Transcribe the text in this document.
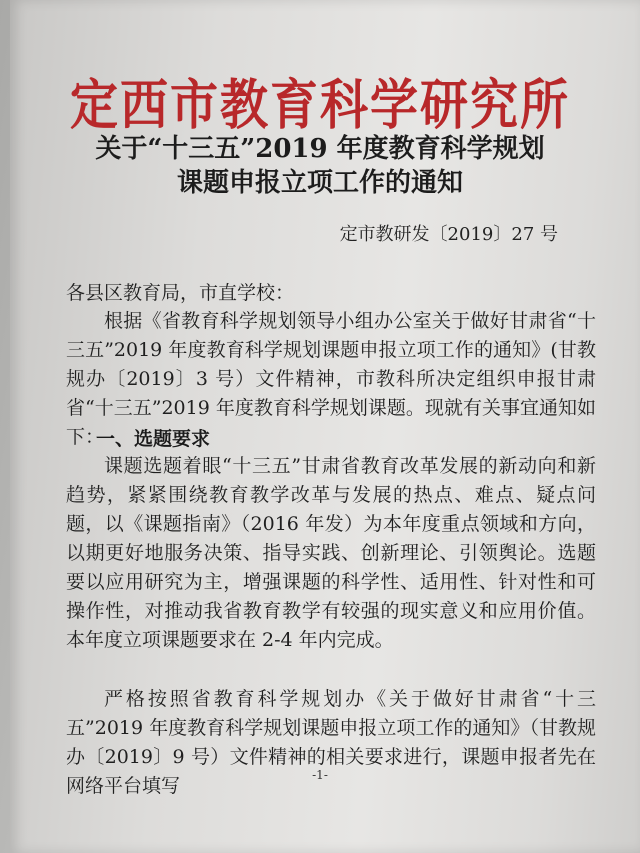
定西市教育科学研究所
关于“十三五”2019 年度教育科学规划
课题申报立项工作的通知
定市教研发〔2019〕27 号
各县区教育局，市直学校：

根据《省教育科学规划领导小组办公室关于做好甘肃省“十三五”2019 年度教育科学规划课题申报立项工作的通知》(甘教规办〔2019〕3 号）文件精神，市教科所决定组织申报甘肃省“十三五”2019 年度教育科学规划课题。现就有关事宜通知如下：

一、选题要求

课题选题着眼“十三五”甘肃省教育改革发展的新动向和新趋势，紧紧围绕教育教学改革与发展的热点、难点、疑点问题，以《课题指南》（2016 年发）为本年度重点领域和方向，以期更好地服务决策、指导实践、创新理论、引领舆论。选题要以应用研究为主，增强课题的科学性、适用性、针对性和可操作性，对推动我省教育教学有较强的现实意义和应用价值。本年度立项课题要求在 2-4 年内完成。

严格按照省教育科学规划办《关于做好甘肃省“十三五”2019 年度教育科学规划课题申报立项工作的通知》（甘教规办〔2019〕9 号）文件精神的相关要求进行，课题申报者先在网络平台填写	-1-
